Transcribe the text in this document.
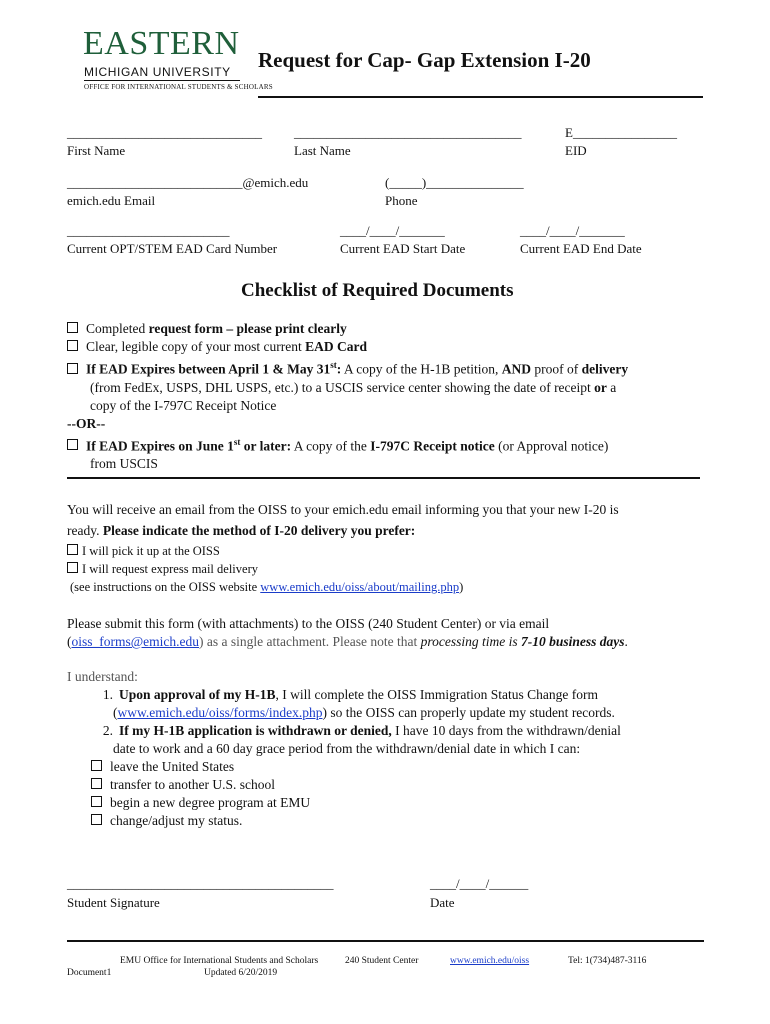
EASTERN
MICHIGAN UNIVERSITY
OFFICE FOR INTERNATIONAL STUDENTS & SCHOLARS
Request for Cap- Gap Extension I-20
______________________________
First Name
___________________________________
Last Name
E________________
EID
___________________________@emich.edu
emich.edu Email
(_____)_______________
Phone
_________________________
Current OPT/STEM EAD Card Number
____/____/_______
Current EAD Start Date
____/____/_______
Current EAD End Date
Checklist of Required Documents
Completed request form – please print clearly
Clear, legible copy of your most current EAD Card
If EAD Expires between April 1 & May 31st: A copy of the H-1B petition, AND proof of delivery
(from FedEx, USPS, DHL USPS, etc.) to a USCIS service center showing the date of receipt or a
copy of the I-797C Receipt Notice
--OR--
If EAD Expires on June 1st or later: A copy of the I-797C Receipt notice (or Approval notice)
from USCIS
You will receive an email from the OISS to your emich.edu email informing you that your new I-20 is
ready. Please indicate the method of I-20 delivery you prefer:
I will pick it up at the OISS
I will request express mail delivery
(see instructions on the OISS website www.emich.edu/oiss/about/mailing.php)
Please submit this form (with attachments) to the OISS (240 Student Center) or via email
(oiss_forms@emich.edu) as a single attachment. Please note that processing time is 7-10 business days.
I understand:
1. Upon approval of my H-1B, I will complete the OISS Immigration Status Change form
(www.emich.edu/oiss/forms/index.php) so the OISS can properly update my student records.
2. If my H-1B application is withdrawn or denied, I have 10 days from the withdrawn/denial
date to work and a 60 day grace period from the withdrawn/denial date in which I can:
leave the United States
transfer to another U.S. school
begin a new degree program at EMU
change/adjust my status.
_________________________________________
Student Signature
____/____/______
Date
EMU Office for International Students and Scholars
Updated 6/20/2019
240 Student Center	www.emich.edu/oiss	Tel: 1(734)487-3116
Document1
